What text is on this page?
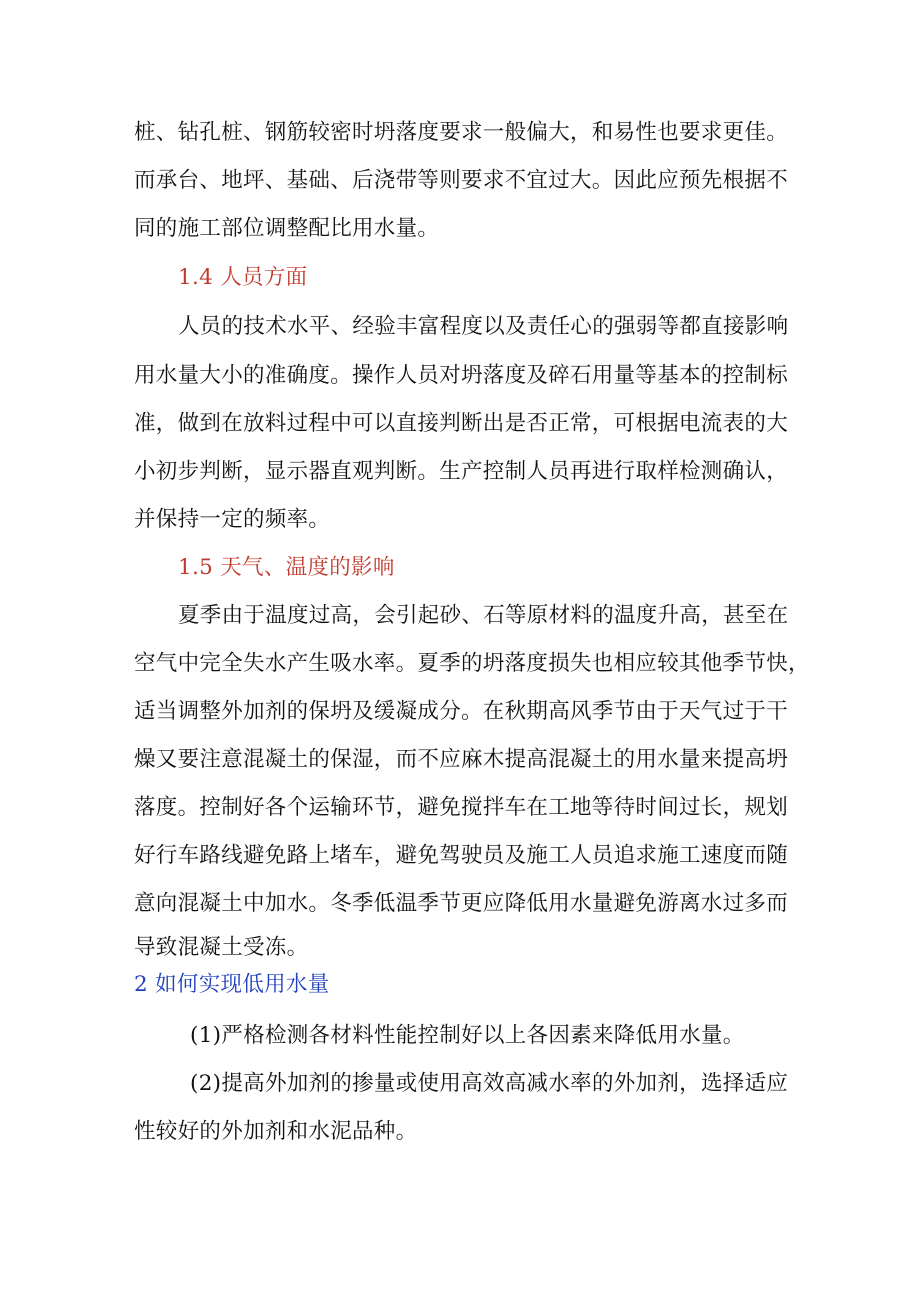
桩、钻孔桩、钢筋较密时坍落度要求一般偏大，和易性也要求更佳。
而承台、地坪、基础、后浇带等则要求不宜过大。因此应预先根据不
同的施工部位调整配比用水量。
1.4 人员方面
人员的技术水平、经验丰富程度以及责任心的强弱等都直接影响
用水量大小的准确度。操作人员对坍落度及碎石用量等基本的控制标
准，做到在放料过程中可以直接判断出是否正常，可根据电流表的大
小初步判断，显示器直观判断。生产控制人员再进行取样检测确认，
并保持一定的频率。
1.5 天气、温度的影响
夏季由于温度过高，会引起砂、石等原材料的温度升高，甚至在
空气中完全失水产生吸水率。夏季的坍落度损失也相应较其他季节快，
适当调整外加剂的保坍及缓凝成分。在秋期高风季节由于天气过于干
燥又要注意混凝土的保湿，而不应麻木提高混凝土的用水量来提高坍
落度。控制好各个运输环节，避免搅拌车在工地等待时间过长，规划
好行车路线避免路上堵车，避免驾驶员及施工人员追求施工速度而随
意向混凝土中加水。冬季低温季节更应降低用水量避免游离水过多而
导致混凝土受冻。
2 如何实现低用水量
(1)严格检测各材料性能控制好以上各因素来降低用水量。
(2)提高外加剂的掺量或使用高效高减水率的外加剂，选择适应
性较好的外加剂和水泥品种。
